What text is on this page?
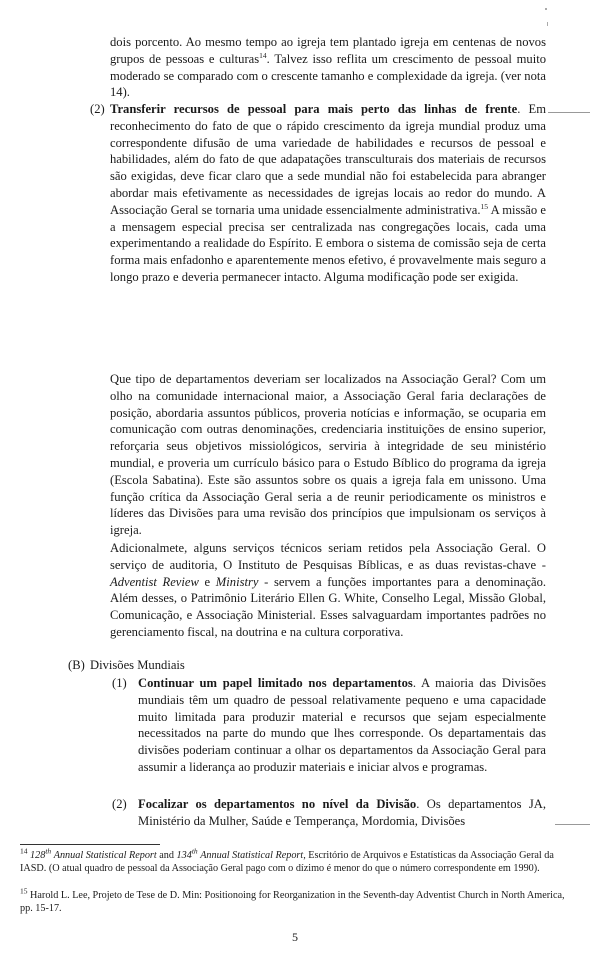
dois porcento. Ao mesmo tempo ao igreja tem plantado igreja em centenas de novos grupos de pessoas e culturas$^{14}$. Talvez isso reflita um crescimento de pessoal muito moderado se comparado com o crescente tamanho e complexidade da igreja. (ver nota 14).
(2) Transferir recursos de pessoal para mais perto das linhas de frente. Em reconhecimento do fato de que o rápido crescimento da igreja mundial produz uma correspondente difusão de uma variedade de habilidades e recursos de pessoal e habilidades, além do fato de que adapatações transculturais dos materiais de recursos são exigidas, deve ficar claro que a sede mundial não foi estabelecida para abranger abordar mais efetivamente as necessidades de igrejas locais ao redor do mundo. A Associação Geral se tornaria uma unidade essencialmente administrativa.$^{15}$ A missão e a mensagem especial precisa ser centralizada nas congregações locais, cada uma experimentando a realidade do Espírito. E embora o sistema de comissão seja de certa forma mais enfadonho e aparentemente menos efetivo, é provavelmente mais seguro a longo prazo e deveria permanecer intacto. Alguma modificação pode ser exigida.
Que tipo de departamentos deveriam ser localizados na Associação Geral? Com um olho na comunidade internacional maior, a Associação Geral faria declarações de posição, abordaria assuntos públicos, proveria notícias e informação, se ocuparia em comunicação com outras denominações, credenciaria instituições de ensino superior, reforçaria seus objetivos missiológicos, serviria à integridade de seu ministério mundial, e proveria um currículo básico para o Estudo Bíblico do programa da igreja (Escola Sabatina). Este são assuntos sobre os quais a igreja fala em unissono. Uma função crítica da Associação Geral seria a de reunir periodicamente os ministros e líderes das Divisões para uma revisão dos princípios que impulsionam os serviços à igreja.
Adicionalmete, alguns serviços técnicos seriam retidos pela Associação Geral. O serviço de auditoria, O Instituto de Pesquisas Bíblicas, e as duas revistas-chave - Adventist Review e Ministry - servem a funções importantes para a denominação. Além desses, o Patrimônio Literário Ellen G. White, Conselho Legal, Missão Global, Comunicação, e Associação Ministerial. Esses salvaguardam importantes padrões no gerenciamento fiscal, na doutrina e na cultura corporativa.
(B) Divisões Mundiais
(1) Continuar um papel limitado nos departamentos. A maioria das Divisões mundiais têm um quadro de pessoal relativamente pequeno e uma capacidade muito limitada para produzir material e recursos que sejam especialmente necessitados na parte do mundo que lhes corresponde. Os departamentais das divisões poderiam continuar a olhar os departamentos da Associação Geral para assumir a liderança ao produzir materiais e iniciar alvos e programas.
(2) Focalizar os departamentos no nível da Divisão. Os departamentos JA, Ministério da Mulher, Saúde e Temperança, Mordomia, Divisões
$^{14}$ 128th Annual Statistical Report and 134th Annual Statistical Report, Escritório de Arquivos e Estatísticas da Associação Geral da IASD. (O atual quadro de pessoal da Associação Geral pago com o dízimo é menor do que o número correspondente em 1990).
$^{15}$ Harold L. Lee, Projeto de Tese de D. Min: Positionoing for Reorganization in the Seventh-day Adventist Church in North America, pp. 15-17.
5
